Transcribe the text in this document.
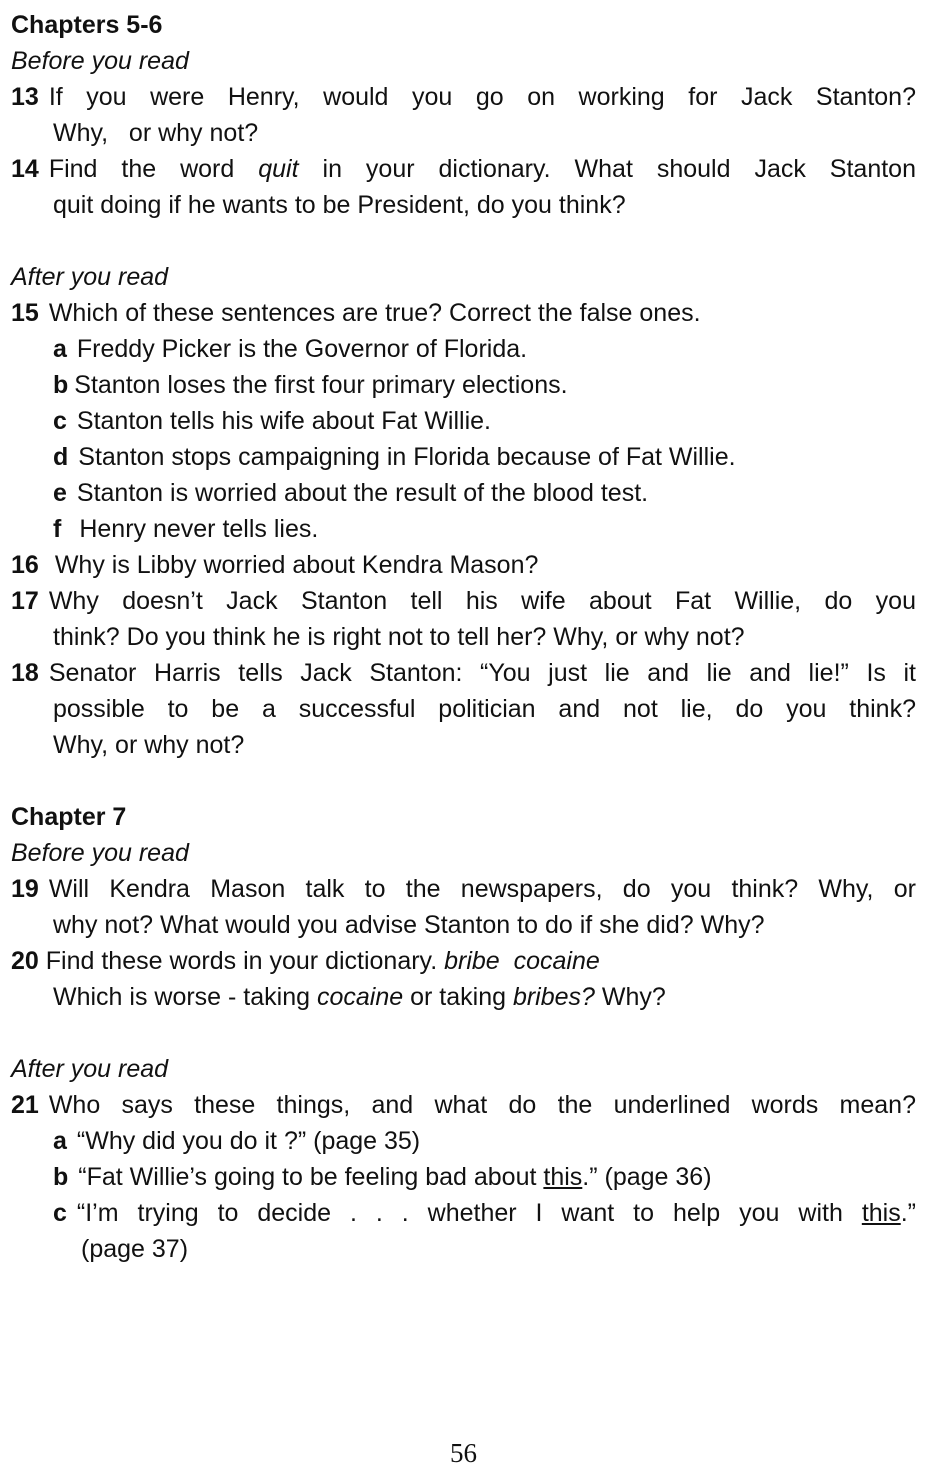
Chapters 5-6
Before you read
13 If you were Henry, would you go on working for Jack Stanton?
Why,   or why not?
14 Find the word quit in your dictionary. What should Jack Stanton
quit doing if he wants to be President, do you think?
After you read
15 Which of these sentences are true? Correct the false ones.
a Freddy Picker is the Governor of Florida.
b Stanton loses the first four primary elections.
c Stanton tells his wife about Fat Willie.
d Stanton stops campaigning in Florida because of Fat Willie.
e Stanton is worried about the result of the blood test.
f Henry never tells lies.
16 Why is Libby worried about Kendra Mason?
17 Why doesn’t Jack Stanton tell his wife about Fat Willie, do you
think? Do you think he is right not to tell her? Why, or why not?
18 Senator Harris tells Jack Stanton: “You just lie and lie and lie!” Is it
possible to be a successful politician and not lie, do you think?
Why, or why not?
Chapter 7
Before you read
19 Will Kendra Mason talk to the newspapers, do you think? Why, or
why not? What would you advise Stanton to do if she did? Why?
20 Find these words in your dictionary. bribe  cocaine
Which is worse - taking cocaine or taking bribes? Why?
After you read
21 Who says these things, and what do the underlined words mean?
a “Why did you do it ?” (page 35)
b “Fat Willie’s going to be feeling bad about this.” (page 36)
c “I’m trying to decide . . . whether I want to help you with this.”
(page 37)
56
